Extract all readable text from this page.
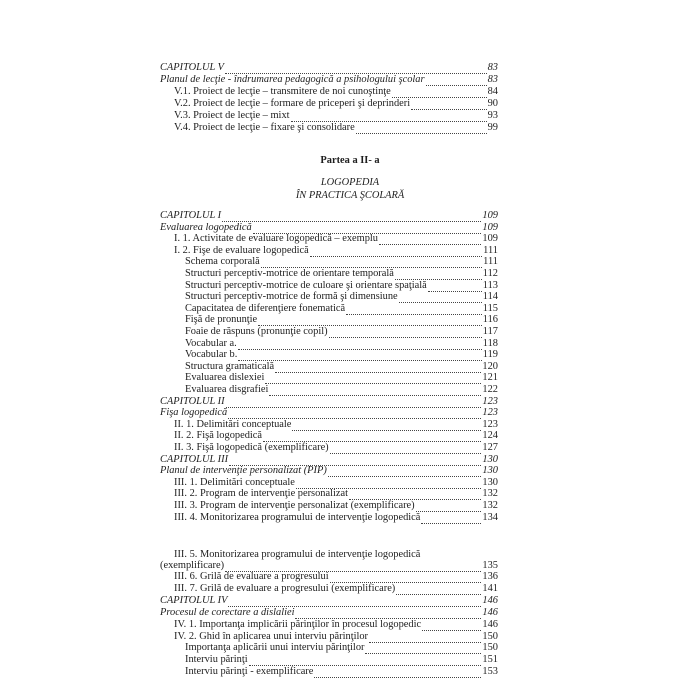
CAPITOLUL V	83
Planul de lecţie - îndrumarea pedagogică a psihologului şcolar	83
V.1. Proiect de lecţie – transmitere de noi cunoştinţe	84
V.2. Proiect de lecţie – formare de priceperi şi deprinderi	90
V.3. Proiect de lecţie – mixt	93
V.4. Proiect de lecţie – fixare şi consolidare	99
Partea a II- a
LOGOPEDIA
ÎN PRACTICA ŞCOLARĂ
CAPITOLUL I	109
Evaluarea logopedică	109
I. 1. Activitate de evaluare logopedică – exemplu	109
I. 2. Fişe de evaluare logopedică	111
Schema corporală	111
Structuri perceptiv-motrice de orientare temporală	112
Structuri perceptiv-motrice de culoare şi orientare spaţială	113
Structuri perceptiv-motrice de formă şi dimensiune	114
Capacitatea de diferenţiere fonematică	115
Fişă de pronunţie	116
Foaie de răspuns (pronunţie copil)	117
Vocabular a.	118
Vocabular b.	119
Structura gramaticală	120
Evaluarea dislexiei	121
Evaluarea disgrafiei	122
CAPITOLUL II	123
Fişa logopedică	123
II. 1. Delimitări conceptuale	123
II. 2. Fişă logopedică	124
II. 3. Fişă logopedică (exemplificare)	127
CAPITOLUL III	130
Planul de intervenţie personalizat (PIP)	130
III. 1. Delimitări conceptuale	130
III. 2. Program de intervenţie personalizat	132
III. 3. Program de intervenţie personalizat (exemplificare)	132
III. 4. Monitorizarea programului de intervenţie logopedică	134
III. 5. Monitorizarea programului de intervenţie logopedică
(exemplificare)	135
III. 6. Grilă de evaluare a progresului	136
III. 7. Grilă de evaluare a progresului (exemplificare)	141
CAPITOLUL IV	146
Procesul de corectare a dislaliei	146
IV. 1. Importanţa implicării părinţilor în procesul logopedic	146
IV. 2. Ghid în aplicarea unui interviu părinţilor	150
Importanţa aplicării unui interviu părinţilor	150
Interviu părinţi	151
Interviu părinţi - exemplificare	153
